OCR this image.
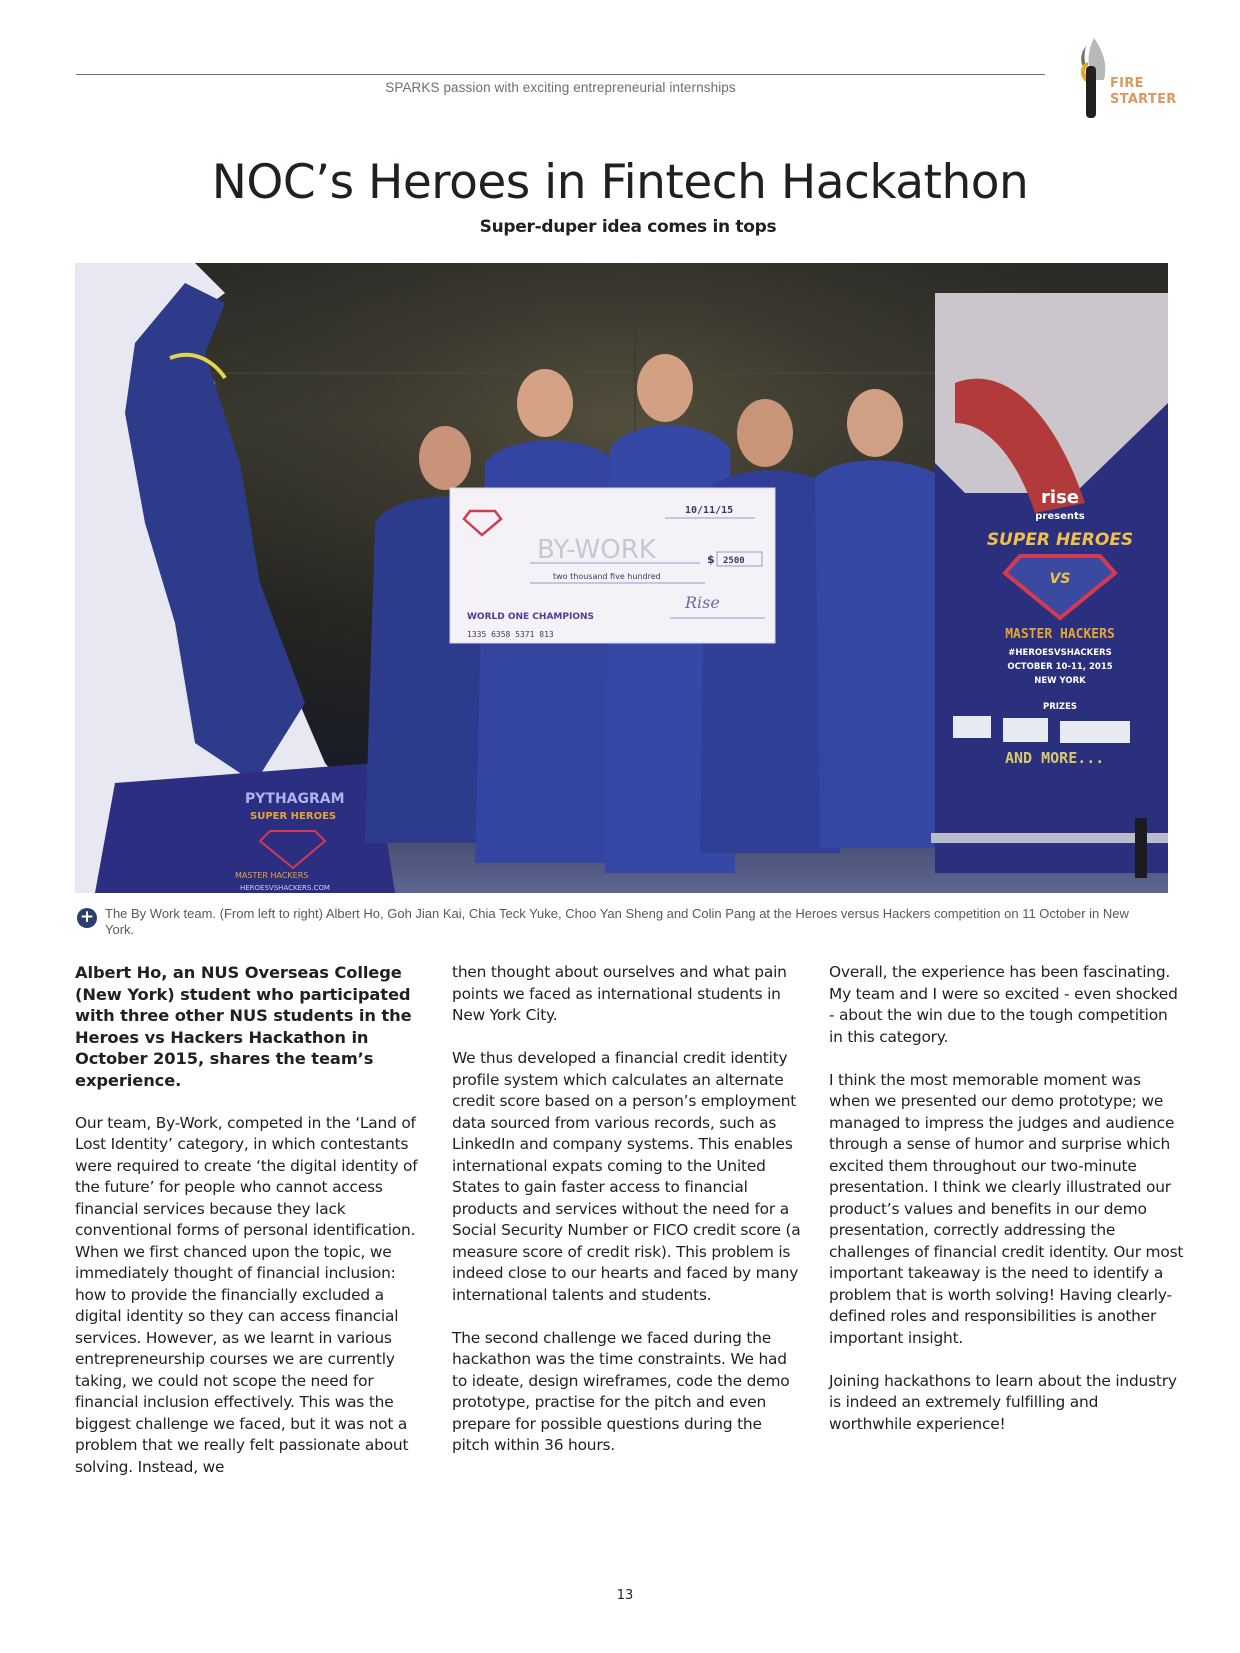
SPARKS passion with exciting entrepreneurial internships	FIRE
STARTER
NOC’s Heroes in Fintech Hackathon
Super-duper idea comes in tops
PYTHAGRAM
SUPER HEROES
MASTER HACKERS
HEROESVSHACKERS.COM
10/11/15
BY-WORK	$ 2500
two thousand five hundred
WORLD ONE CHAMPIONS
1335 6358 5371 813
Rise
rise
presents
SUPER HEROES
VS
MASTER HACKERS
#HEROESVSHACKERS
OCTOBER 10-11, 2015
NEW YORK
PRIZES
AND MORE...
+ The By Work team. (From left to right) Albert Ho, Goh Jian Kai, Chia Teck Yuke, Choo Yan Sheng and Colin Pang at the Heroes versus Hackers competition on 11 October in New York.

Albert Ho, an NUS Overseas College (New York) student who participated with three other NUS students in the Heroes vs Hackers Hackathon in October 2015, shares the team’s experience.

Our team, By-Work, competed in the ‘Land of Lost Identity’ category, in which contestants were required to create ‘the digital identity of the future’ for people who cannot access financial services because they lack conventional forms of personal identification. When we first chanced upon the topic, we immediately thought of financial inclusion: how to provide the financially excluded a digital identity so they can access financial services. However, as we learnt in various entrepreneurship courses we are currently taking, we could not scope the need for financial inclusion effectively. This was the biggest challenge we faced, but it was not a problem that we really felt passionate about solving. Instead, we

then thought about ourselves and what pain points we faced as international students in New York City.

We thus developed a financial credit identity profile system which calculates an alternate credit score based on a person’s employment data sourced from various records, such as LinkedIn and company systems. This enables international expats coming to the United States to gain faster access to financial products and services without the need for a Social Security Number or FICO credit score (a measure score of credit risk). This problem is indeed close to our hearts and faced by many international talents and students.

The second challenge we faced during the hackathon was the time constraints. We had to ideate, design wireframes, code the demo prototype, practise for the pitch and even prepare for possible questions during the pitch within 36 hours.

Overall, the experience has been fascinating. My team and I were so excited - even shocked - about the win due to the tough competition in this category.

I think the most memorable moment was when we presented our demo prototype; we managed to impress the judges and audience through a sense of humor and surprise which excited them throughout our two-minute presentation. I think we clearly illustrated our product’s values and benefits in our demo presentation, correctly addressing the challenges of financial credit identity. Our most important takeaway is the need to identify a problem that is worth solving! Having clearly-defined roles and responsibilities is another important insight.

Joining hackathons to learn about the industry is indeed an extremely fulfilling and worthwhile experience!

13
